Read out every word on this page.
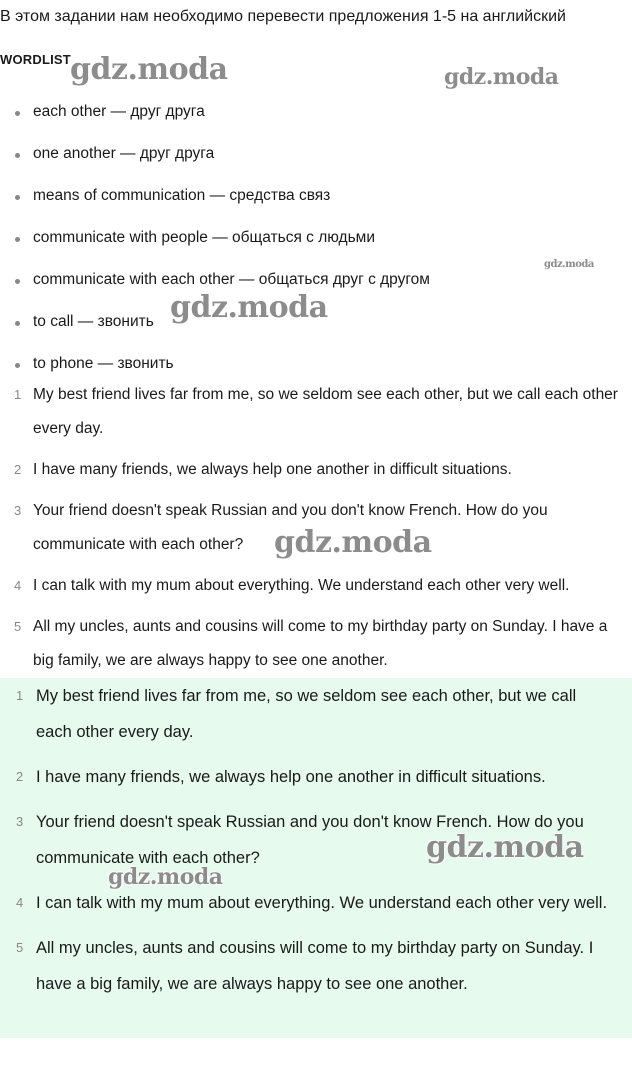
В этом задании нам необходимо перевести предложения 1-5 на английский
WORDLIST
each other — друг друга
one another — друг друга
means of communication — средства связ
communicate with people — общаться с людьми
communicate with each other — общаться друг с другом
to call — звонить
to phone — звонить
1 My best friend lives far from me, so we seldom see each other, but we call each other every day.
2 I have many friends, we always help one another in difficult situations.
3 Your friend doesn't speak Russian and you don't know French. How do you communicate with each other?
4 I can talk with my mum about everything. We understand each other very well.
5 All my uncles, aunts and cousins will come to my birthday party on Sunday. I have a big family, we are always happy to see one another.
1 My best friend lives far from me, so we seldom see each other, but we call each other every day.
2 I have many friends, we always help one another in difficult situations.
3 Your friend doesn't speak Russian and you don't know French. How do you communicate with each other?
4 I can talk with my mum about everything. We understand each other very well.
5 All my uncles, aunts and cousins will come to my birthday party on Sunday. I have a big family, we are always happy to see one another.
gdz.moda	gdz.moda
gdz.moda
gdz.moda
gdz.moda
gdz.moda
gdz.moda
